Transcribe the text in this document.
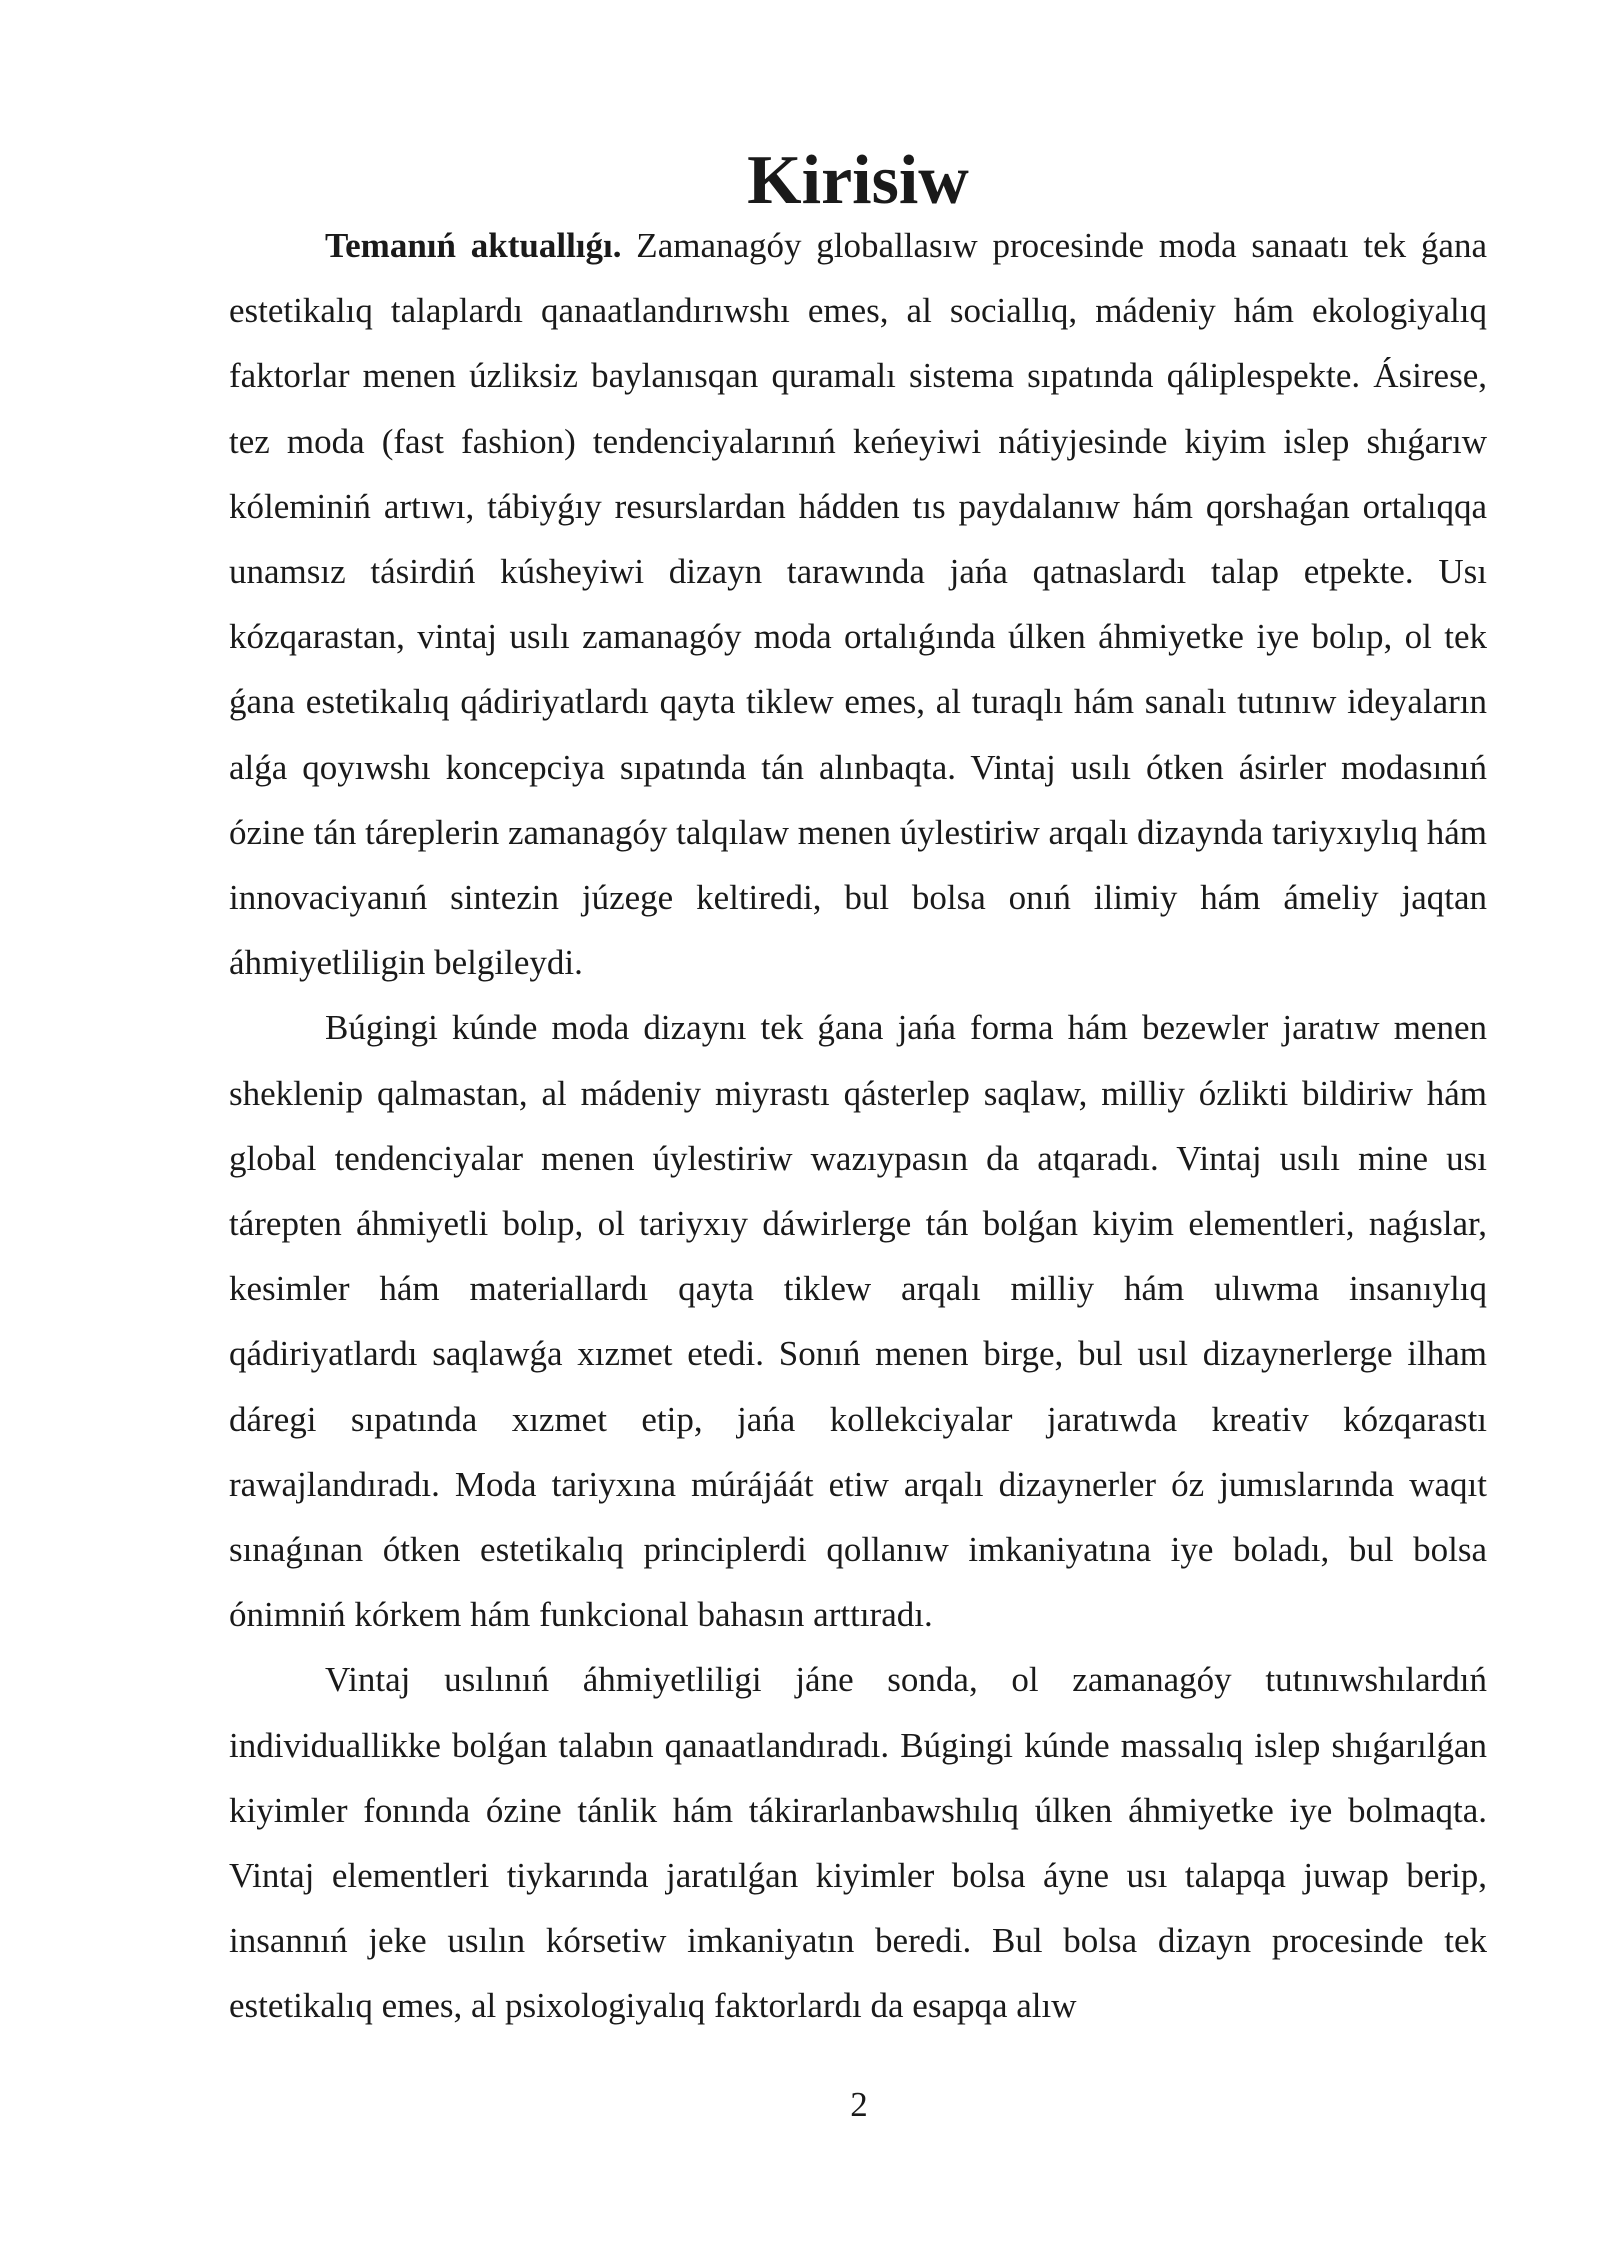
Kirisiw

Temanıń aktuallıǵı. Zamanagóy globallasıw procesinde moda sanaatı tek ǵana estetikalıq talaplardı qanaatlandırıwshı emes, al sociallıq, mádeniy hám ekologiyalıq faktorlar menen úzliksiz baylanısqan quramalı sistema sıpatında qáliplespekte. Ásirese, tez moda (fast fashion) tendenciyalarınıń keńeyiwi nátiyjesinde kiyim islep shıǵarıw kóleminiń artıwı, tábiyǵıy resurslardan hádden tıs paydalanıw hám qorshaǵan ortalıqqa unamsız tásirdiń kúsheyiwi dizayn tarawında jańa qatnaslardı talap etpekte. Usı kózqarastan, vintaj usılı zamanagóy moda ortalıǵında úlken áhmiyetke iye bolıp, ol tek ǵana estetikalıq qádiriyatlardı qayta tiklew emes, al turaqlı hám sanalı tutınıw ideyaların alǵa qoyıwshı koncepciya sıpatında tán alınbaqta. Vintaj usılı ótken ásirler modasınıń ózine tán táreplerin zamanagóy talqılaw menen úylestiriw arqalı dizaynda tariyxıylıq hám innovaciyanıń sintezin júzege keltiredi, bul bolsa onıń ilimiy hám ámeliy jaqtan áhmiyetliligin belgileydi.

Búgingi kúnde moda dizaynı tek ǵana jańa forma hám bezewler jaratıw menen sheklenip qalmastan, al mádeniy miyrastı qásterlep saqlaw, milliy ózlikti bildiriw hám global tendenciyalar menen úylestiriw wazıypasın da atqaradı. Vintaj usılı mine usı tárepten áhmiyetli bolıp, ol tariyxıy dáwirlerge tán bolǵan kiyim elementleri, naǵıslar, kesimler hám materiallardı qayta tiklew arqalı milliy hám ulıwma insanıylıq qádiriyatlardı saqlawǵa xızmet etedi. Sonıń menen birge, bul usıl dizaynerlerge ilham dáregi sıpatında xızmet etip, jańa kollekciyalar jaratıwda kreativ kózqarastı rawajlandıradı. Moda tariyxına múrájáát etiw arqalı dizaynerler óz jumıslarında waqıt sınaǵınan ótken estetikalıq principlerdi qollanıw imkaniyatına iye boladı, bul bolsa ónimniń kórkem hám funkcional bahasın arttıradı.

Vintaj usılınıń áhmiyetliligi jáne sonda, ol zamanagóy tutınıwshılardıń individuallikke bolǵan talabın qanaatlandıradı. Búgingi kúnde massalıq islep shıǵarılǵan kiyimler fonında ózine tánlik hám tákirarlanbawshılıq úlken áhmiyetke iye bolmaqta. Vintaj elementleri tiykarında jaratılǵan kiyimler bolsa áyne usı talapqa juwap berip, insannıń jeke usılın kórsetiw imkaniyatın beredi. Bul bolsa dizayn procesinde tek estetikalıq emes, al psixologiyalıq faktorlardı da esapqa alıw

2
